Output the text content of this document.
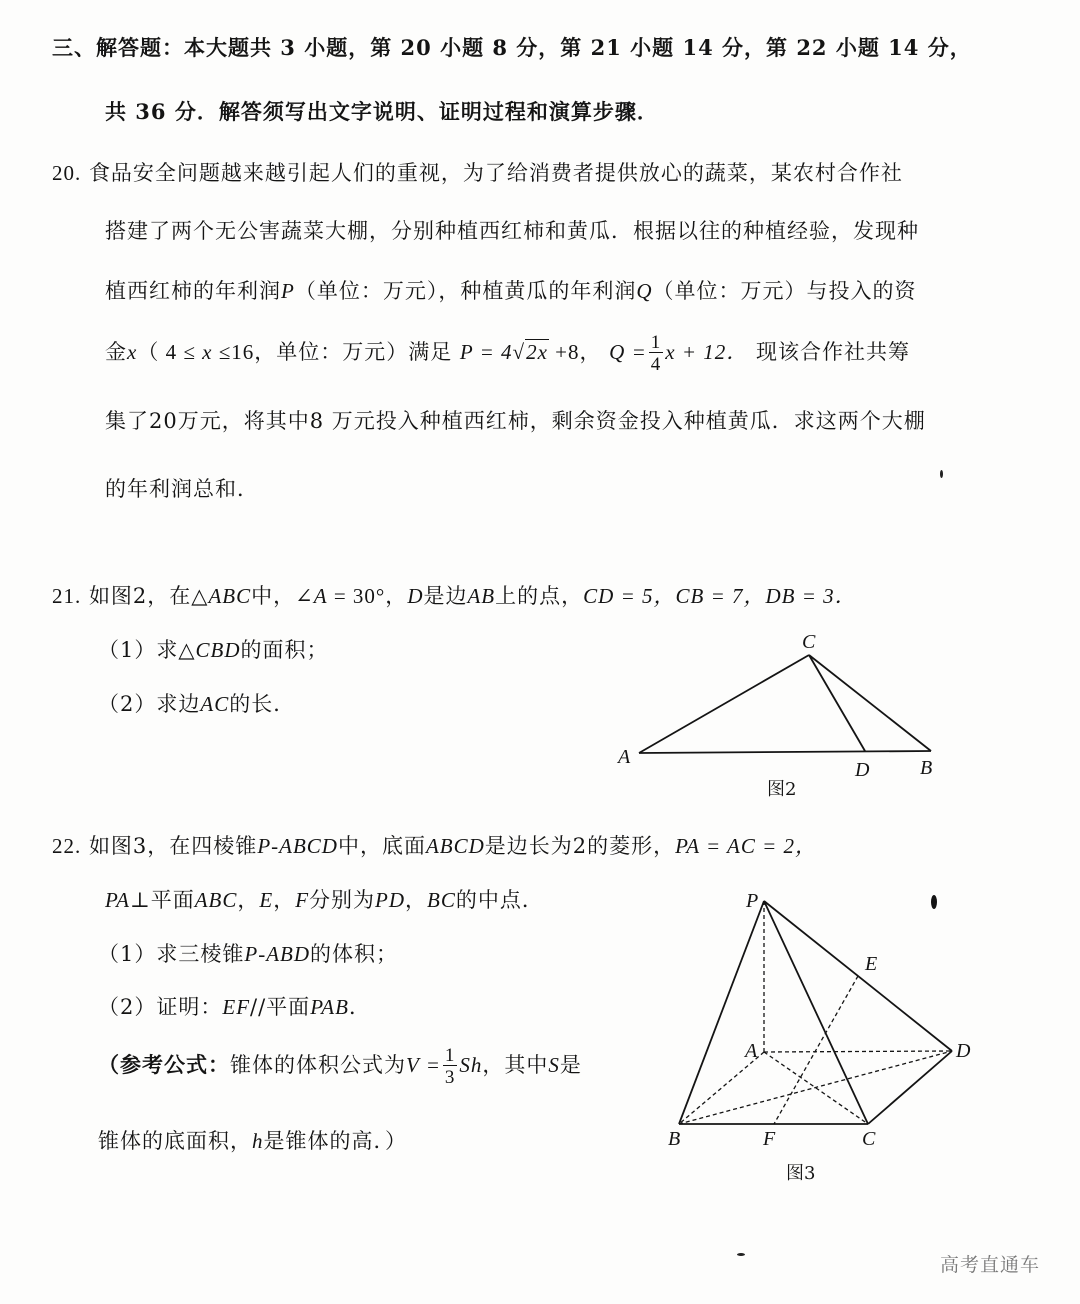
三、解答题：本大题共 3 小题，第 20 小题 8 分，第 21 小题 14 分，第 22 小题 14 分，
共 36 分．解答须写出文字说明、证明过程和演算步骤．
20. 食品安全问题越来越引起人们的重视，为了给消费者提供放心的蔬菜，某农村合作社
搭建了两个无公害蔬菜大棚，分别种植西红柿和黄瓜．根据以往的种植经验，发现种
植西红柿的年利润P（单位：万元），种植黄瓜的年利润Q（单位：万元）与投入的资
金x（ 4 ≤ x ≤16，单位：万元）满足 P = 4√2x +8， $Q = \frac{1}{4}$ x + 12． 现该合作社共筹
集了20万元，将其中8 万元投入种植西红柿，剩余资金投入种植黄瓜．求这两个大棚
的年利润总和．
21. 如图2，在△ABC中，∠A = 30°，D是边AB上的点，CD = 5，CB = 7，DB = 3．
（1）求△CBD的面积；
（2）求边AC的长．
C
A
D	B
图2
22. 如图3，在四棱锥P-ABCD中，底面ABCD是边长为2的菱形，PA = AC = 2，
PA⊥平面ABC，E，F分别为PD，BC的中点．
（1）求三棱锥P-ABD的体积；
（2）证明：EF//平面PAB．
（参考公式：锥体的体积公式为$V = \frac{1}{3}$ Sh，其中S是
锥体的底面积，h是锥体的高．）
P
E
A	D
B	F	C
图3
高考直通车
